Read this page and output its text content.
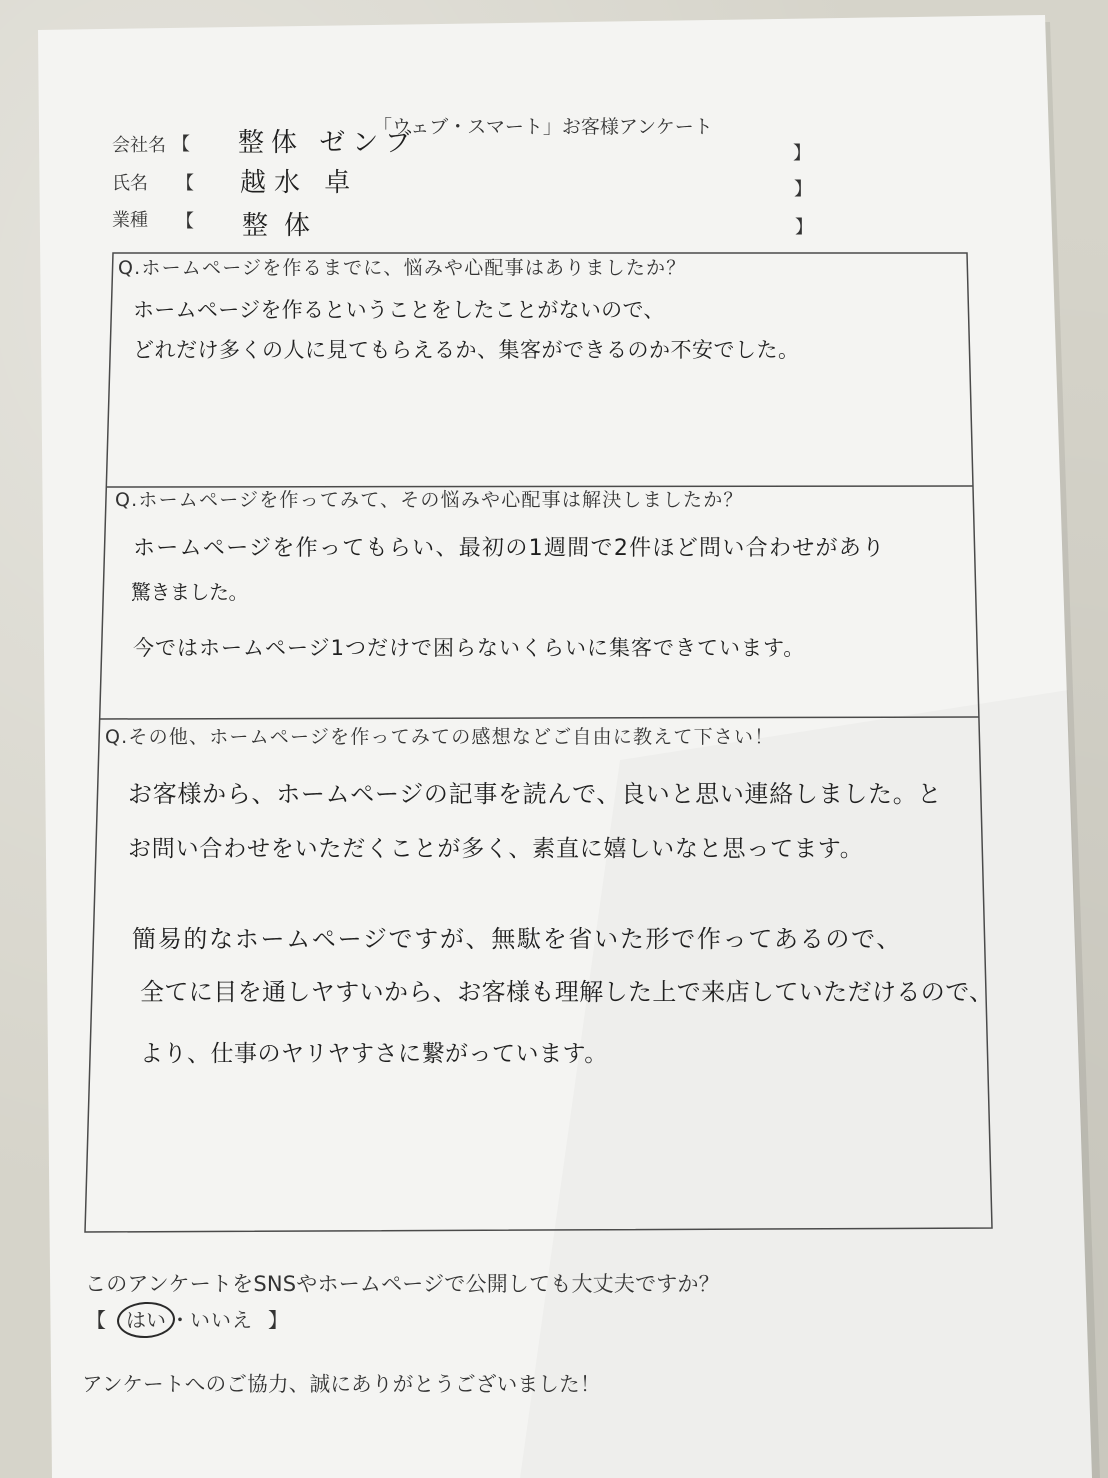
「ウェブ・スマート」お客様アンケート
会社名 【 整体 ゼンブ	】
氏名 【 越水 卓	】
業種 【 整体	】
Q.ホームページを作るまでに、悩みや心配事はありましたか？
ホームページを作るということをしたことがないので、
どれだけ多くの人に見てもらえるか、集客ができるのか不安でした。
Q.ホームページを作ってみて、その悩みや心配事は解決しましたか？
ホームページを作ってもらい、最初の1週間で2件ほど問い合わせがあり
驚きました。
今ではホームページ1つだけで困らないくらいに集客できています。
Q.その他、ホームページを作ってみての感想などご自由に教えて下さい！
お客様から、ホームページの記事を読んで、良いと思い連絡しました。と
お問い合わせをいただくことが多く、素直に嬉しいなと思ってます。
簡易的なホームページですが、無駄を省いた形で作ってあるので、
全てに目を通しヤすいから、お客様も理解した上で来店していただけるので、
より、仕事のヤリヤすさに繋がっています。
このアンケートをSNSやホームページで公開しても大丈夫ですか？
【 はい ・ いいえ 】
アンケートへのご協力、誠にありがとうございました！
